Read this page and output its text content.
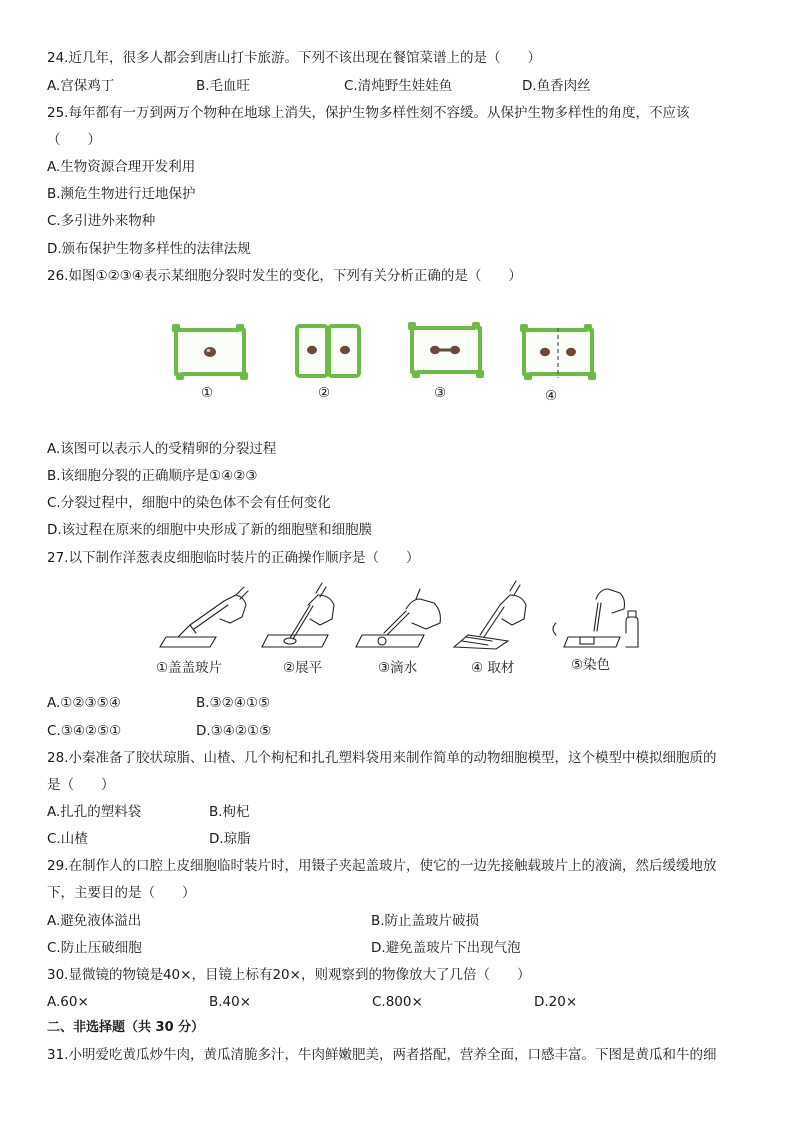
24.近几年，很多人都会到唐山打卡旅游。下列不该出现在餐馆菜谱上的是（　　）
A.宫保鸡丁	B.毛血旺	C.清炖野生娃娃鱼	D.鱼香肉丝
25.每年都有一万到两万个物种在地球上消失，保护生物多样性刻不容缓。从保护生物多样性的角度，不应该
（　　）
A.生物资源合理开发利用
B.濒危生物进行迁地保护
C.多引进外来物种
D.颁布保护生物多样性的法律法规
26.如图①②③④表示某细胞分裂时发生的变化，下列有关分析正确的是（　　）
①	②	③	④
A.该图可以表示人的受精卵的分裂过程
B.该细胞分裂的正确顺序是①④②③
C.分裂过程中，细胞中的染色体不会有任何变化
D.该过程在原来的细胞中央形成了新的细胞壁和细胞膜
27.以下制作洋葱表皮细胞临时装片的正确操作顺序是（　　）
①盖盖玻片	②展平	③滴水	④ 取材	⑤染色
A.①②③⑤④	B.③②④①⑤
C.③④②⑤①	D.③④②①⑤
28.小秦准备了胶状琼脂、山楂、几个枸杞和扎孔塑料袋用来制作简单的动物细胞模型，这个模型中模拟细胞质的
是（　　）
A.扎孔的塑料袋	B.枸杞
C.山楂	D.琼脂
29.在制作人的口腔上皮细胞临时装片时，用镊子夹起盖玻片，使它的一边先接触载玻片上的液滴，然后缓缓地放
下，主要目的是（　　）
A.避免液体溢出	B.防止盖玻片破损
C.防止压破细胞	D.避免盖玻片下出现气泡
30.显微镜的物镜是40×，目镜上标有20×，则观察到的物像放大了几倍（　　）
A.60×	B.40×	C.800×	D.20×
二、非选择题（共 30 分）
31.小明爱吃黄瓜炒牛肉，黄瓜清脆多汁，牛肉鲜嫩肥美，两者搭配，营养全面，口感丰富。下图是黄瓜和牛的细
